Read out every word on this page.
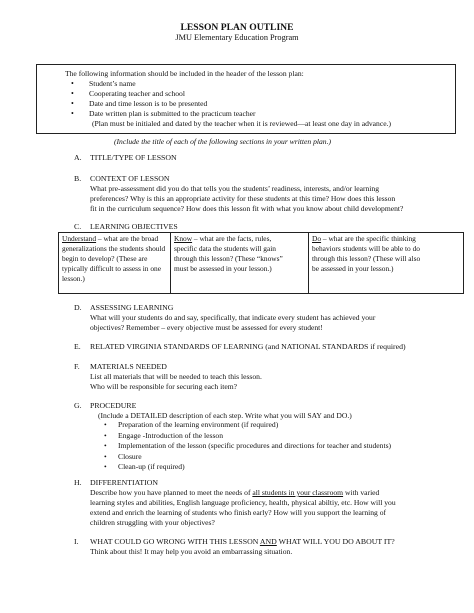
LESSON PLAN OUTLINE
JMU Elementary Education Program
The following information should be included in the header of the lesson plan:
• Student’s name
• Cooperating teacher and school
• Date and time lesson is to be presented
• Date written plan is submitted to the practicum teacher
(Plan must be initialed and dated by the teacher when it is reviewed—at least one day in advance.)
(Include the title of each of the following sections in your written plan.)
A. TITLE/TYPE OF LESSON
B. CONTEXT OF LESSON
What pre-assessment did you do that tells you the students’ readiness, interests, and/or learning
preferences? Why is this an appropriate activity for these students at this time? How does this lesson
fit in the curriculum sequence? How does this lesson fit with what you know about child development?
C. LEARNING OBJECTIVES
Understand – what are the broad
generalizations the students should
begin to develop? (These are
typically difficult to assess in one
lesson.)
Know – what are the facts, rules,
specific data the students will gain
through this lesson? (These “knows”
must be assessed in your lesson.)
Do – what are the specific thinking
behaviors students will be able to do
through this lesson? (These will also
be assessed in your lesson.)
D. ASSESSING LEARNING
What will your students do and say, specifically, that indicate every student has achieved your
objectives? Remember – every objective must be assessed for every student!
E. RELATED VIRGINIA STANDARDS OF LEARNING (and NATIONAL STANDARDS if required)
F. MATERIALS NEEDED
List all materials that will be needed to teach this lesson.
Who will be responsible for securing each item?
G. PROCEDURE
(Include a DETAILED description of each step. Write what you will SAY and DO.)
• Preparation of the learning environment (if required)
• Engage -Introduction of the lesson
• Implementation of the lesson (specific procedures and directions for teacher and students)
• Closure
• Clean-up (if required)
H. DIFFERENTIATION
Describe how you have planned to meet the needs of all students in your classroom with varied
learning styles and abilities, English language proficiency, health, physical abiltiy, etc. How will you
extend and enrich the learning of students who finish early? How will you support the learning of
children struggling with your objectives?
I. WHAT COULD GO WRONG WITH THIS LESSON AND WHAT WILL YOU DO ABOUT IT?
Think about this! It may help you avoid an embarrassing situation.
